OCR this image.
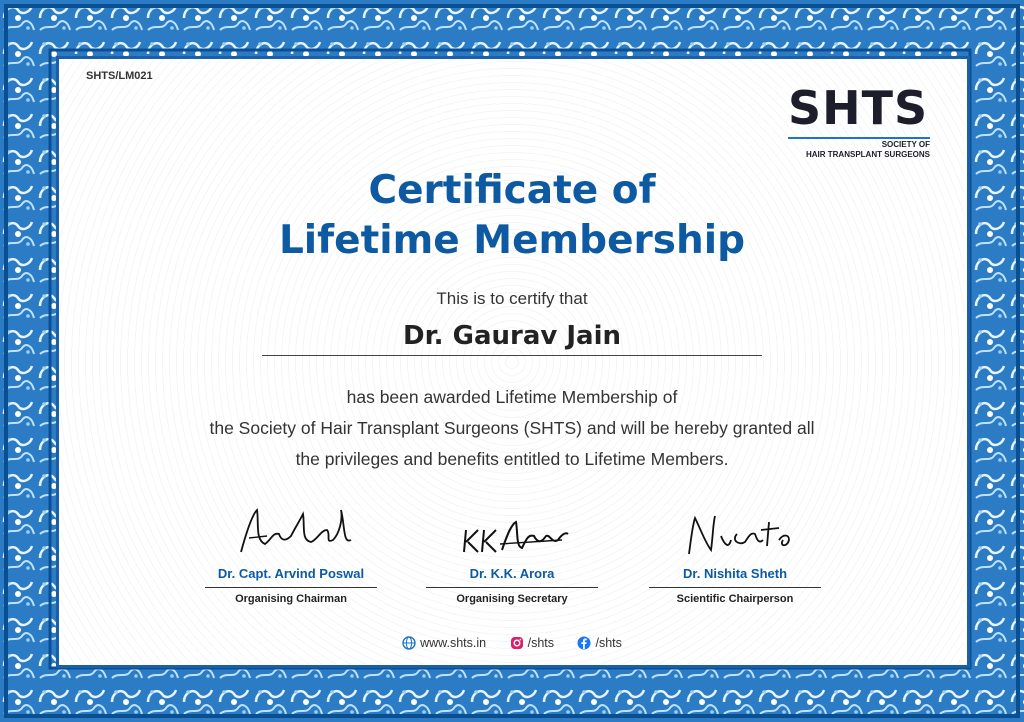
SHTS/LM021
SHTS
SOCIETY OF
HAIR TRANSPLANT SURGEONS
Certificate of
Lifetime Membership
This is to certify that
Dr. Gaurav Jain
has been awarded Lifetime Membership of
the Society of Hair Transplant Surgeons (SHTS) and will be hereby granted all
the privileges and benefits entitled to Lifetime Members.
Dr. Capt. Arvind Poswal
Organising Chairman
Dr. K.K. Arora
Organising Secretary
Dr. Nishita Sheth
Scientific Chairperson
www.shts.in
	/shts
	/shts
